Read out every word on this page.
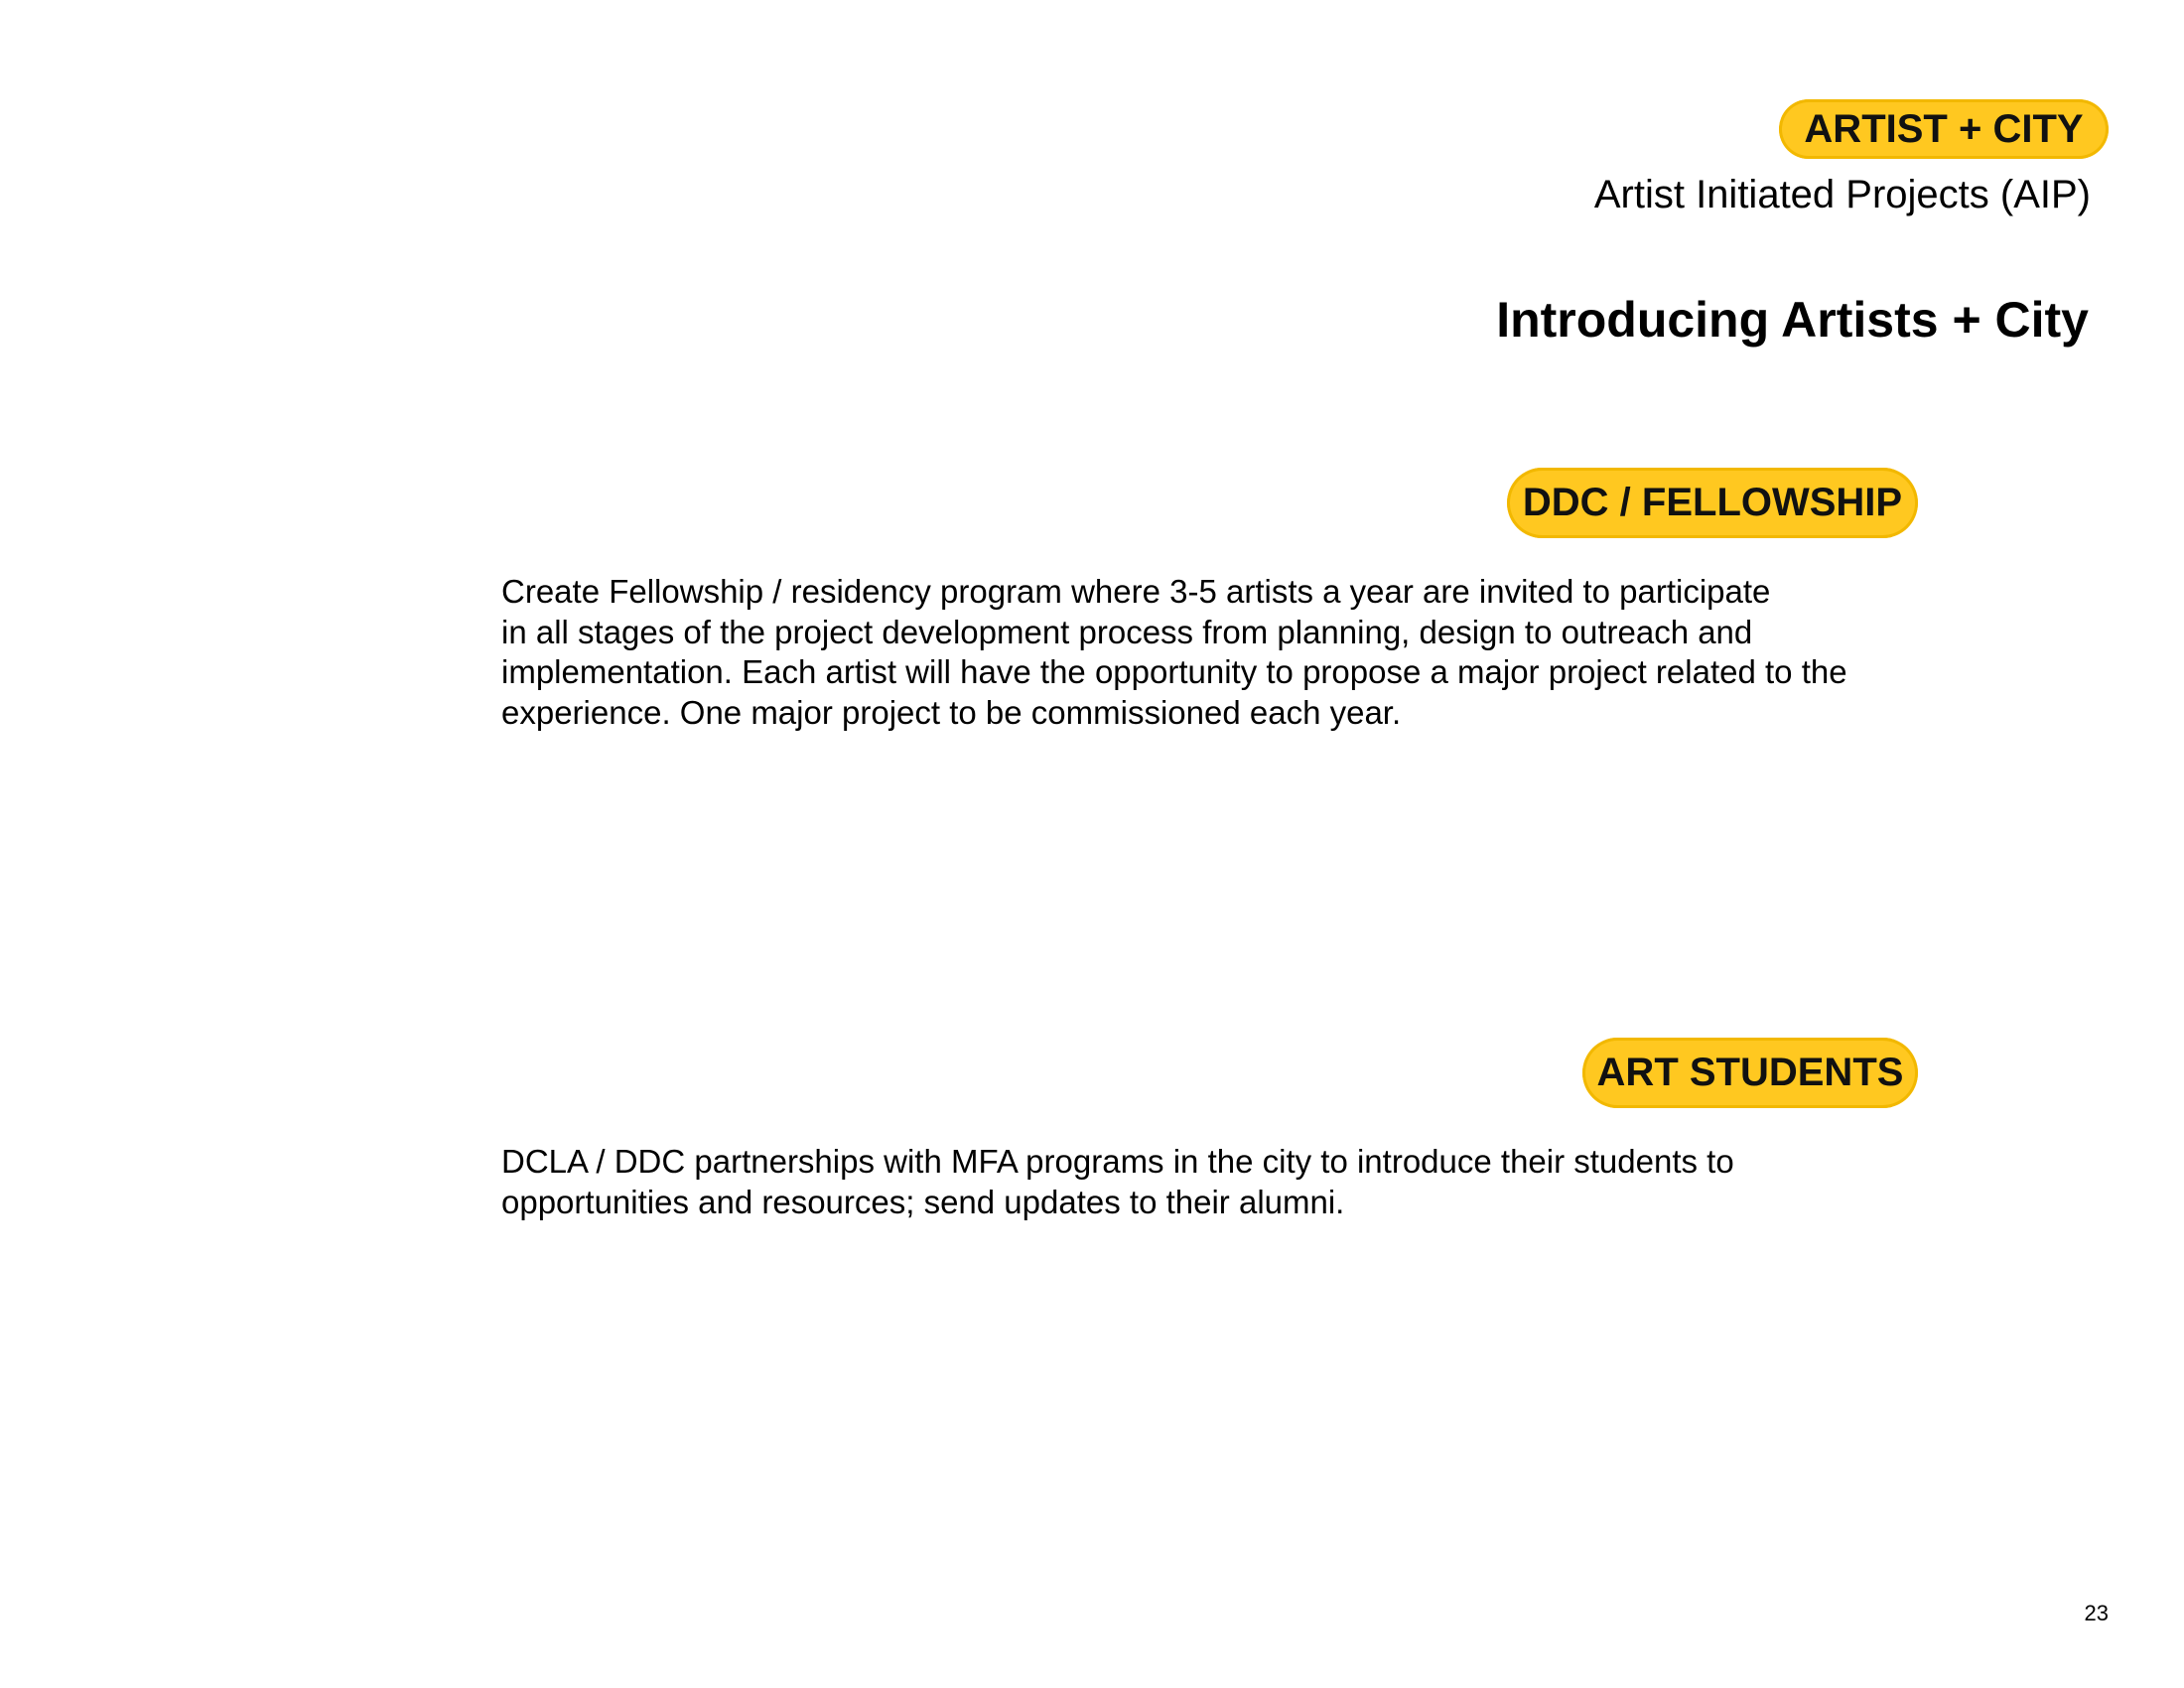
ARTIST + CITY
Artist Initiated Projects (AIP)
Introducing Artists + City
DDC / FELLOWSHIP

Create Fellowship / residency program where 3-5 artists a year are invited to participate
in all stages of the project development process from planning, design to outreach and
implementation. Each artist will have the opportunity to propose a major project related to the
experience. One major project to be commissioned each year.

ART STUDENTS

DCLA / DDC partnerships with MFA programs in the city to introduce their students to
opportunities and resources; send updates to their alumni.

23
